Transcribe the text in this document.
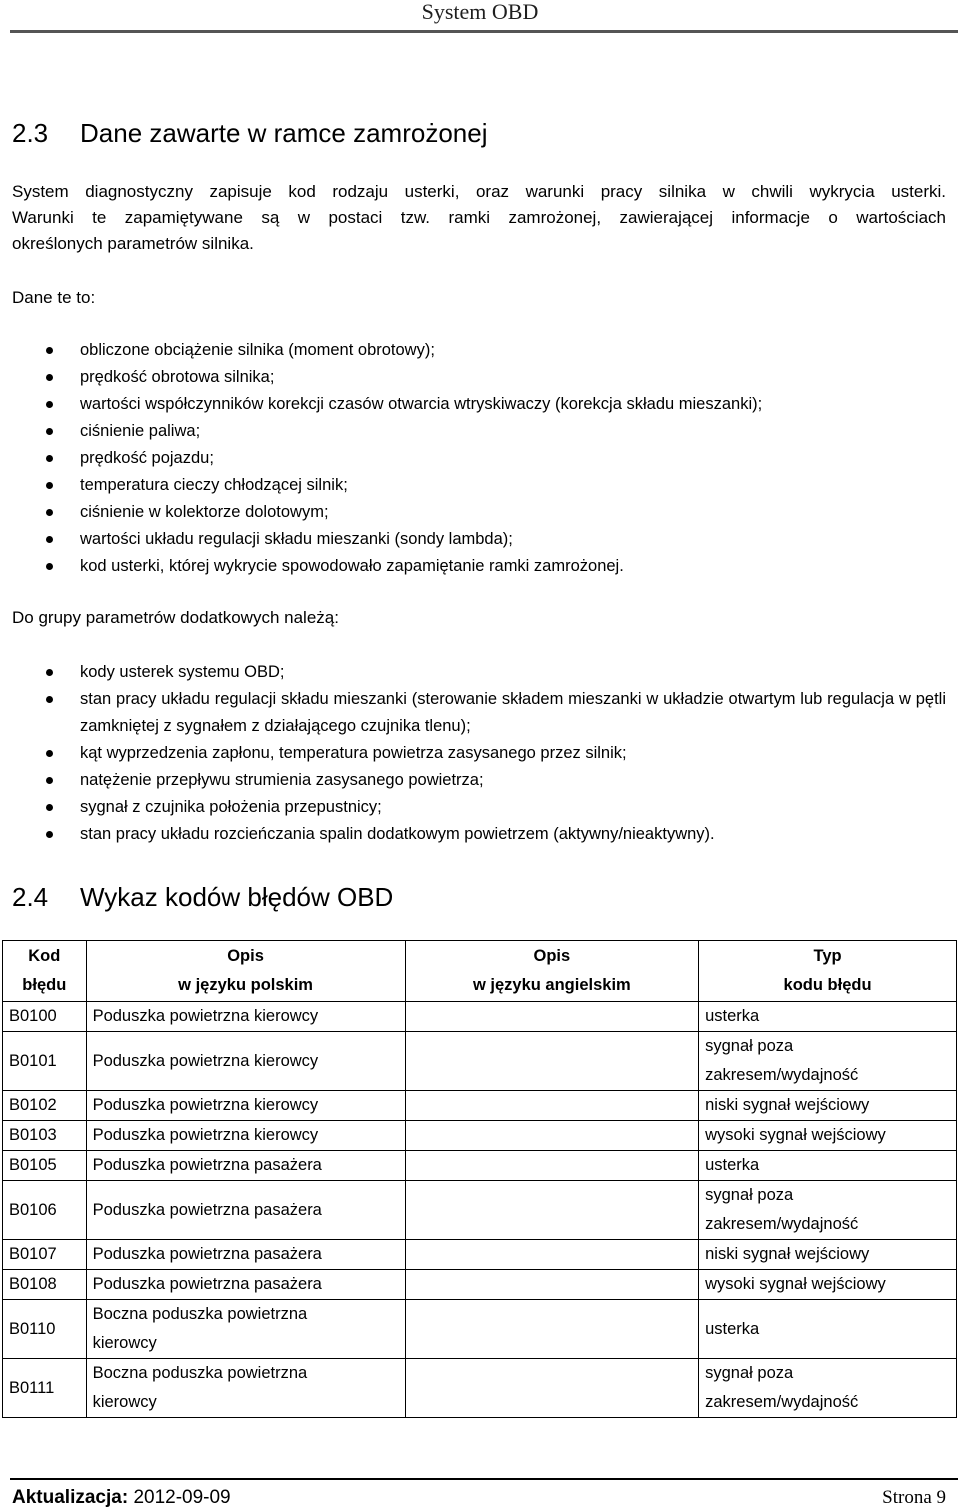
System OBD
2.3 Dane zawarte w ramce zamrożonej

System diagnostyczny zapisuje kod rodzaju usterki, oraz warunki pracy silnika w chwili wykrycia usterki.
Warunki te zapamiętywane są w postaci tzw. ramki zamrożonej, zawierającej informacje o wartościach
określonych parametrów silnika.

Dane te to:

obliczone obciążenie silnika (moment obrotowy);
prędkość obrotowa silnika;
wartości współczynników korekcji czasów otwarcia wtryskiwaczy (korekcja składu mieszanki);
ciśnienie paliwa;
prędkość pojazdu;
temperatura cieczy chłodzącej silnik;
ciśnienie w kolektorze dolotowym;
wartości układu regulacji składu mieszanki (sondy lambda);
kod usterki, której wykrycie spowodowało zapamiętanie ramki zamrożonej.

Do grupy parametrów dodatkowych należą:

kody usterek systemu OBD;
stan pracy układu regulacji składu mieszanki (sterowanie składem mieszanki w układzie otwartym lub regulacja w pętli zamkniętej z sygnałem z działającego czujnika tlenu);
kąt wyprzedzenia zapłonu, temperatura powietrza zasysanego przez silnik;
natężenie przepływu strumienia zasysanego powietrza;
sygnał z czujnika położenia przepustnicy;
stan pracy układu rozcieńczania spalin dodatkowym powietrzem (aktywny/nieaktywny).
2.4 Wykaz kodów błędów OBD
Kod
błędu	Opis
w języku polskim	Opis
w języku angielskim	Typ
kodu błędu
B0100	Poduszka powietrzna kierowcy		usterka
B0101	Poduszka powietrzna kierowcy		sygnał poza
zakresem/wydajność
B0102	Poduszka powietrzna kierowcy		niski sygnał wejściowy
B0103	Poduszka powietrzna kierowcy		wysoki sygnał wejściowy
B0105	Poduszka powietrzna pasażera		usterka
B0106	Poduszka powietrzna pasażera		sygnał poza
zakresem/wydajność
B0107	Poduszka powietrzna pasażera		niski sygnał wejściowy
B0108	Poduszka powietrzna pasażera		wysoki sygnał wejściowy
B0110	Boczna poduszka powietrzna
kierowcy		usterka
B0111	Boczna poduszka powietrzna
kierowcy		sygnał poza
zakresem/wydajność
Aktualizacja: 2012-09-09	Strona 9
